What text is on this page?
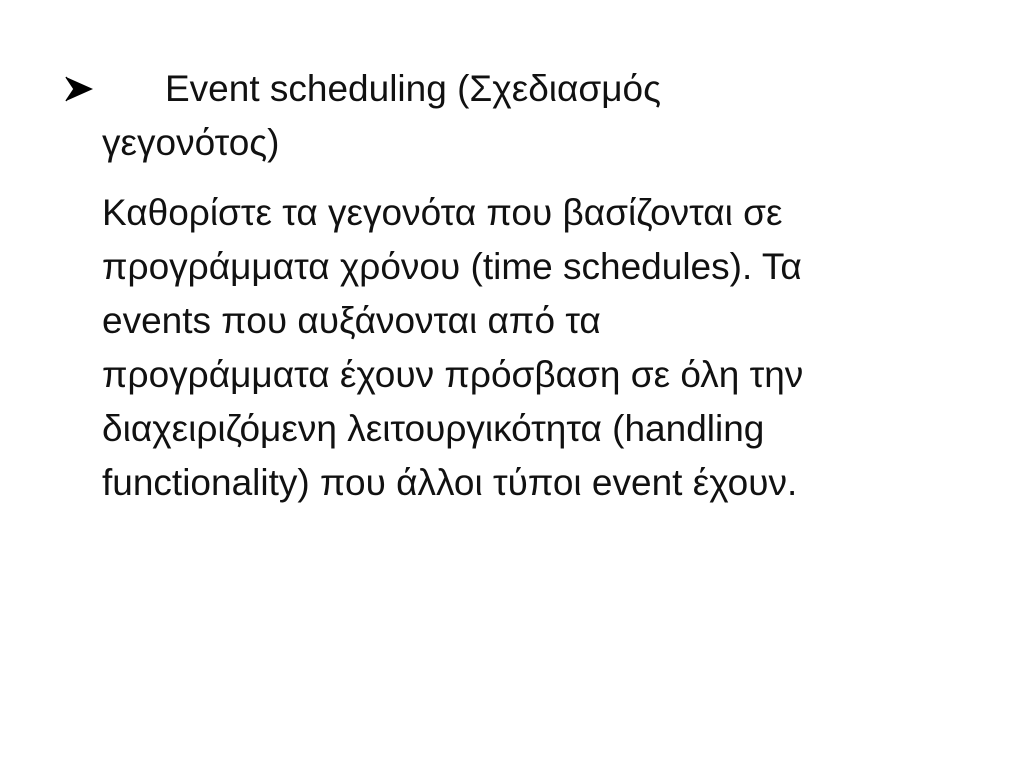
Event scheduling (Σχεδιασμός
γεγονότος)
Καθορίστε τα γεγονότα που βασίζονται σε
προγράμματα χρόνου (time schedules). Τα
events που αυξάνονται από τα
προγράμματα έχουν πρόσβαση σε όλη την
διαχειριζόμενη λειτουργικότητα (handling
functionality) που άλλοι τύποι event έχουν.
